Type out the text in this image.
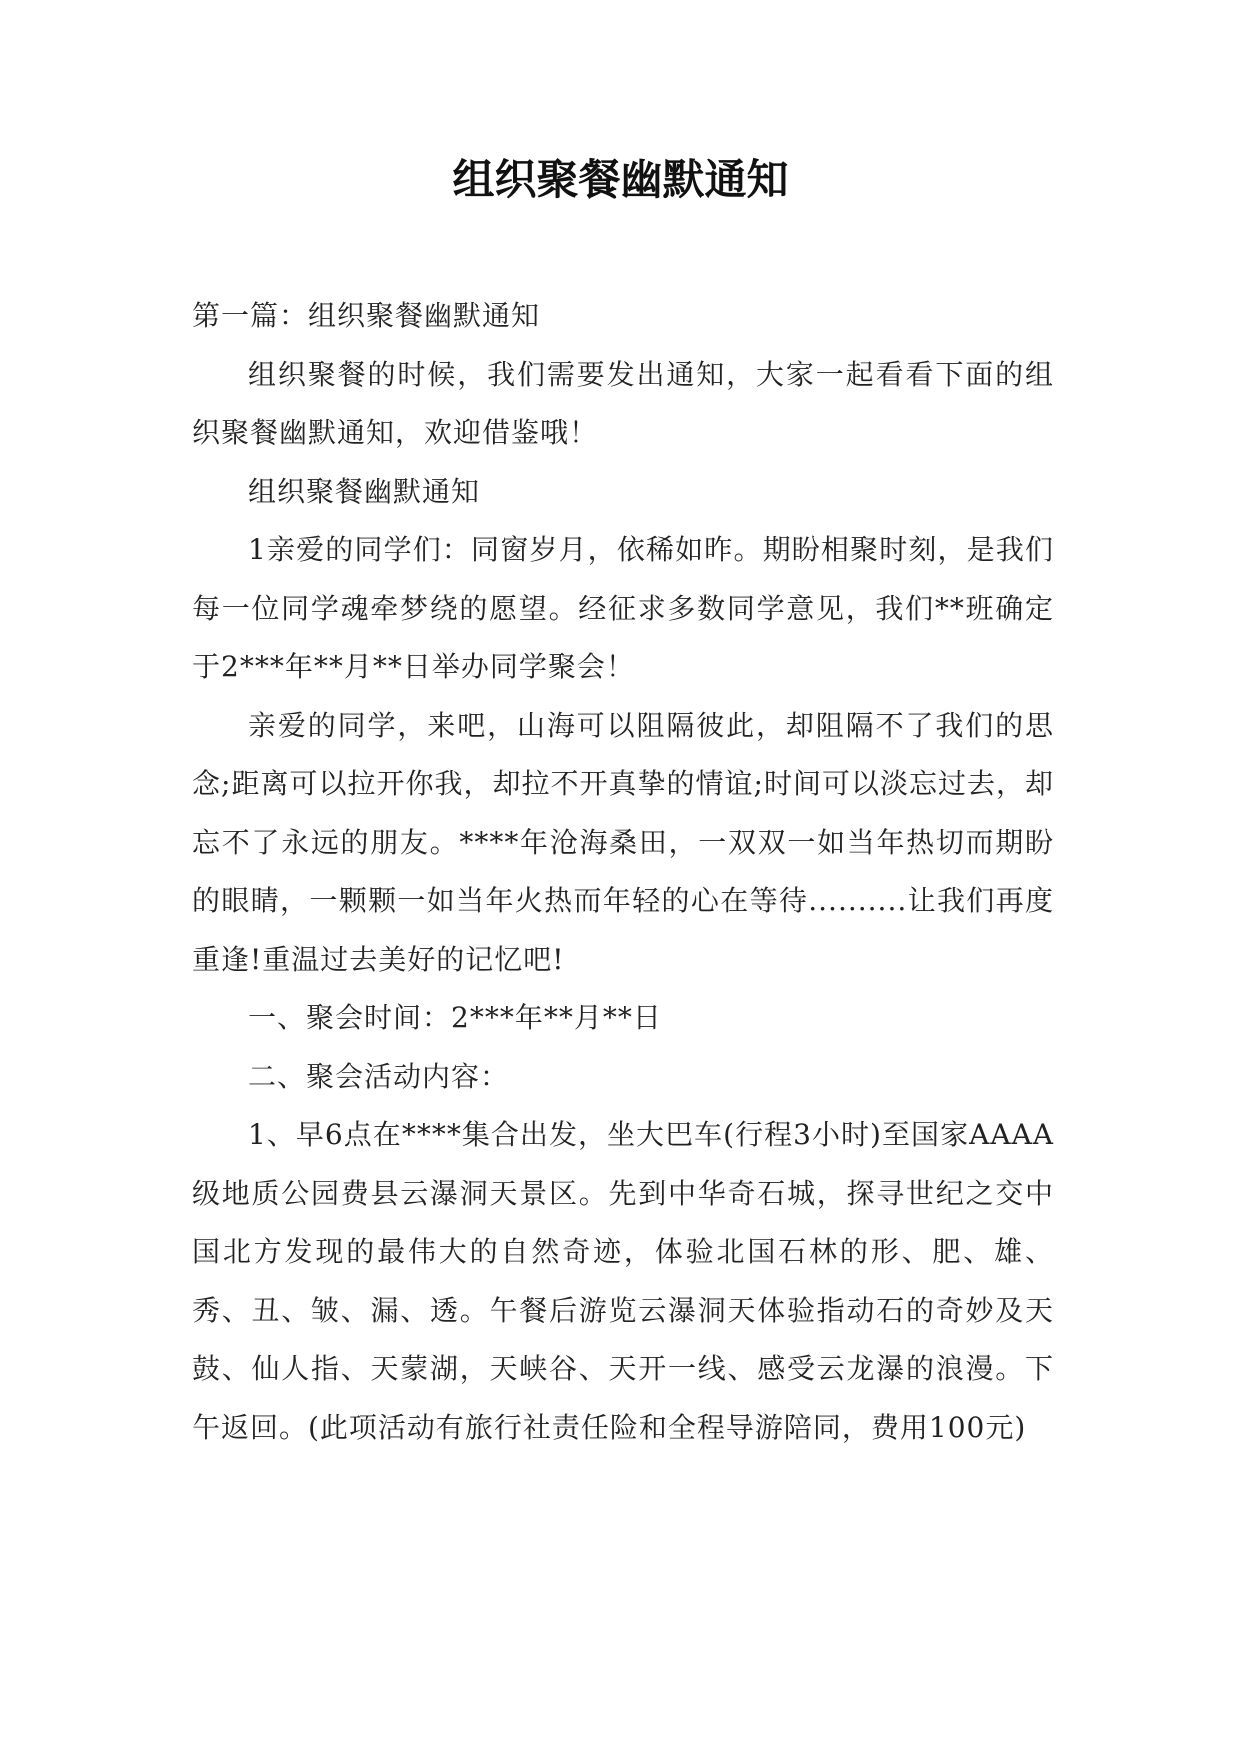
组织聚餐幽默通知

第一篇：组织聚餐幽默通知

组织聚餐的时候，我们需要发出通知，大家一起看看下面的组织聚餐幽默通知，欢迎借鉴哦！

组织聚餐幽默通知

1亲爱的同学们：同窗岁月，依稀如昨。期盼相聚时刻，是我们每一位同学魂牵梦绕的愿望。经征求多数同学意见，我们**班确定于2***年**月**日举办同学聚会！

亲爱的同学，来吧，山海可以阻隔彼此，却阻隔不了我们的思念;距离可以拉开你我，却拉不开真挚的情谊;时间可以淡忘过去，却忘不了永远的朋友。****年沧海桑田，一双双一如当年热切而期盼的眼睛，一颗颗一如当年火热而年轻的心在等待..........让我们再度重逢!重温过去美好的记忆吧!

一、聚会时间：2***年**月**日

二、聚会活动内容：

1、早6点在****集合出发，坐大巴车(行程3小时)至国家AAAA级地质公园费县云瀑洞天景区。先到中华奇石城，探寻世纪之交中国北方发现的最伟大的自然奇迹，体验北国石林的形、肥、雄、秀、丑、皱、漏、透。午餐后游览云瀑洞天体验指动石的奇妙及天鼓、仙人指、天蒙湖，天峡谷、天开一线、感受云龙瀑的浪漫。下午返回。(此项活动有旅行社责任险和全程导游陪同，费用100元)
